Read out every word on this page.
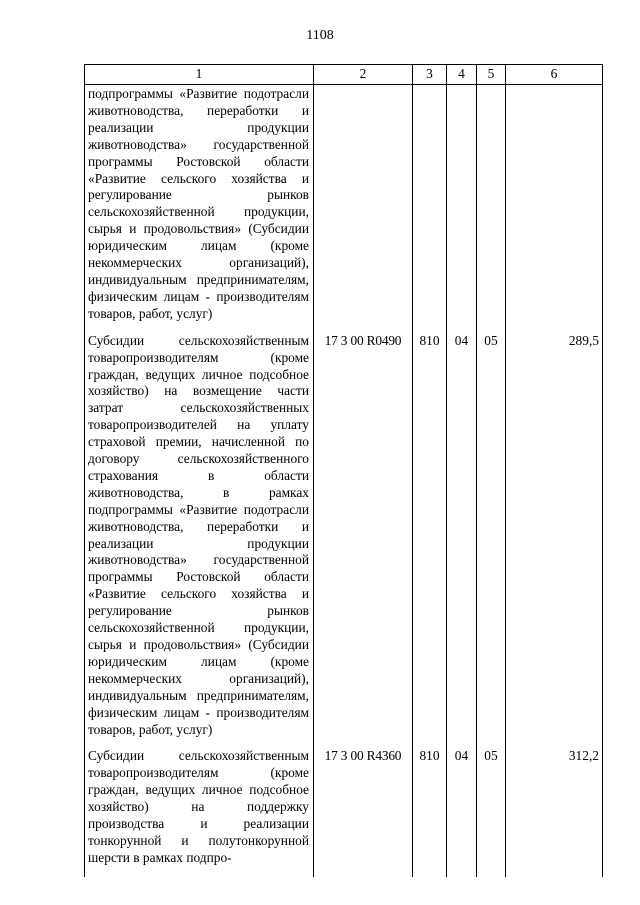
1108
1	2	3	4	5	6
подпрограммы «Развитие подотрасли животноводства, переработки и реализации продукции животноводства» государственной программы Ростовской области «Развитие сельского хозяйства и регулирование рынков сельскохозяйственной продукции, сырья и продовольствия» (Субсидии юридическим лицам (кроме некоммерческих организаций), индивидуальным предпринимателям, физическим лицам - производителям товаров, работ, услуг)					
Субсидии сельскохозяйственным товаропроизводителям (кроме граждан, ведущих личное подсобное хозяйство) на возмещение части затрат сельскохозяйственных товаропроизводителей на уплату страховой премии, начисленной по договору сельскохозяйственного страхования в области животноводства, в рамках подпрограммы «Развитие подотрасли животноводства, переработки и реализации продукции животноводства» государственной программы Ростовской области «Развитие сельского хозяйства и регулирование рынков сельскохозяйственной продукции, сырья и продовольствия» (Субсидии юридическим лицам (кроме некоммерческих организаций), индивидуальным предпринимателям, физическим лицам - производителям товаров, работ, услуг)	17 3 00 R0490	810	04	05	289,5
Субсидии сельскохозяйственным товаропроизводителям (кроме граждан, ведущих личное подсобное хозяйство) на поддержку производства и реализации тонкорунной и полутонкорунной шерсти в рамках подпро-	17 3 00 R4360	810	04	05	312,2
